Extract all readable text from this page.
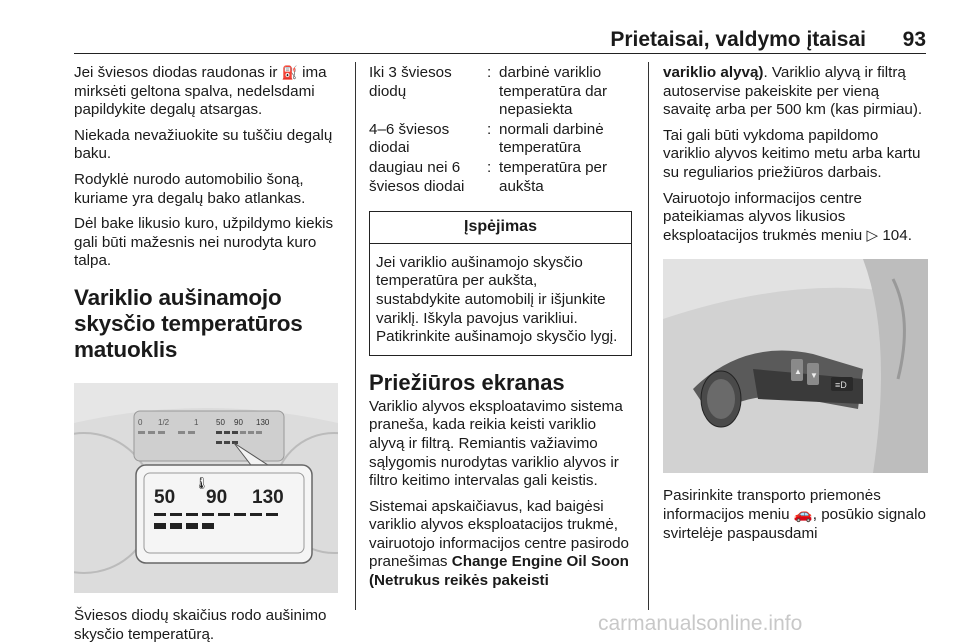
Prietaisai, valdymo įtaisai 93

Jei šviesos diodas raudonas ir ⛽ ima mirksėti geltona spalva, nedelsdami papildykite degalų atsargas.

Niekada nevažiuokite su tuščiu degalų baku.

Rodyklė nurodo automobilio šoną, kuriame yra degalų bako atlankas.

Dėl bake likusio kuro, užpildymo kiekis gali būti mažesnis nei nurodyta kuro talpa.

Variklio aušinamojo skysčio temperatūros matuoklis
0 1/2	1 50 90 130
🌡
50 90 130

Šviesos diodų skaičius rodo aušinimo skysčio temperatūrą.

Iki 3 šviesos diodų	:	darbinė variklio temperatūra dar nepasiekta
4–6 šviesos diodai	:	normali darbinė temperatūra
daugiau nei 6 šviesos diodai	:	temperatūra per aukšta
Įspėjimas
Jei variklio aušinamojo skysčio temperatūra per aukšta, sustabdykite automobilį ir išjunkite variklį. Iškyla pavojus varikliui. Patikrinkite aušinamojo skysčio lygį.
Priežiūros ekranas

Variklio alyvos eksploatavimo sistema praneša, kada reikia keisti variklio alyvą ir filtrą. Remiantis važiavimo sąlygomis nurodytas variklio alyvos ir filtro keitimo intervalas gali keistis.

Sistemai apskaičiavus, kad baigėsi variklio alyvos eksploatacijos trukmė, vairuotojo informacijos centre pasirodo pranešimas Change Engine Oil Soon (Netrukus reikės pakeisti

variklio alyvą). Variklio alyvą ir filtrą autoservise pakeiskite per vieną savaitę arba per 500 km (kas pirmiau).

Tai gali būti vykdoma papildomo variklio alyvos keitimo metu arba kartu su reguliarios priežiūros darbais.

Vairuotojo informacijos centre pateikiamas alyvos likusios eksploatacijos trukmės meniu ▷ 104.

▲ ▼
≡D

Pasirinkite transporto priemonės informacijos meniu 🚗, posūkio signalo svirtelėje paspausdami

carmanualsonline.info
